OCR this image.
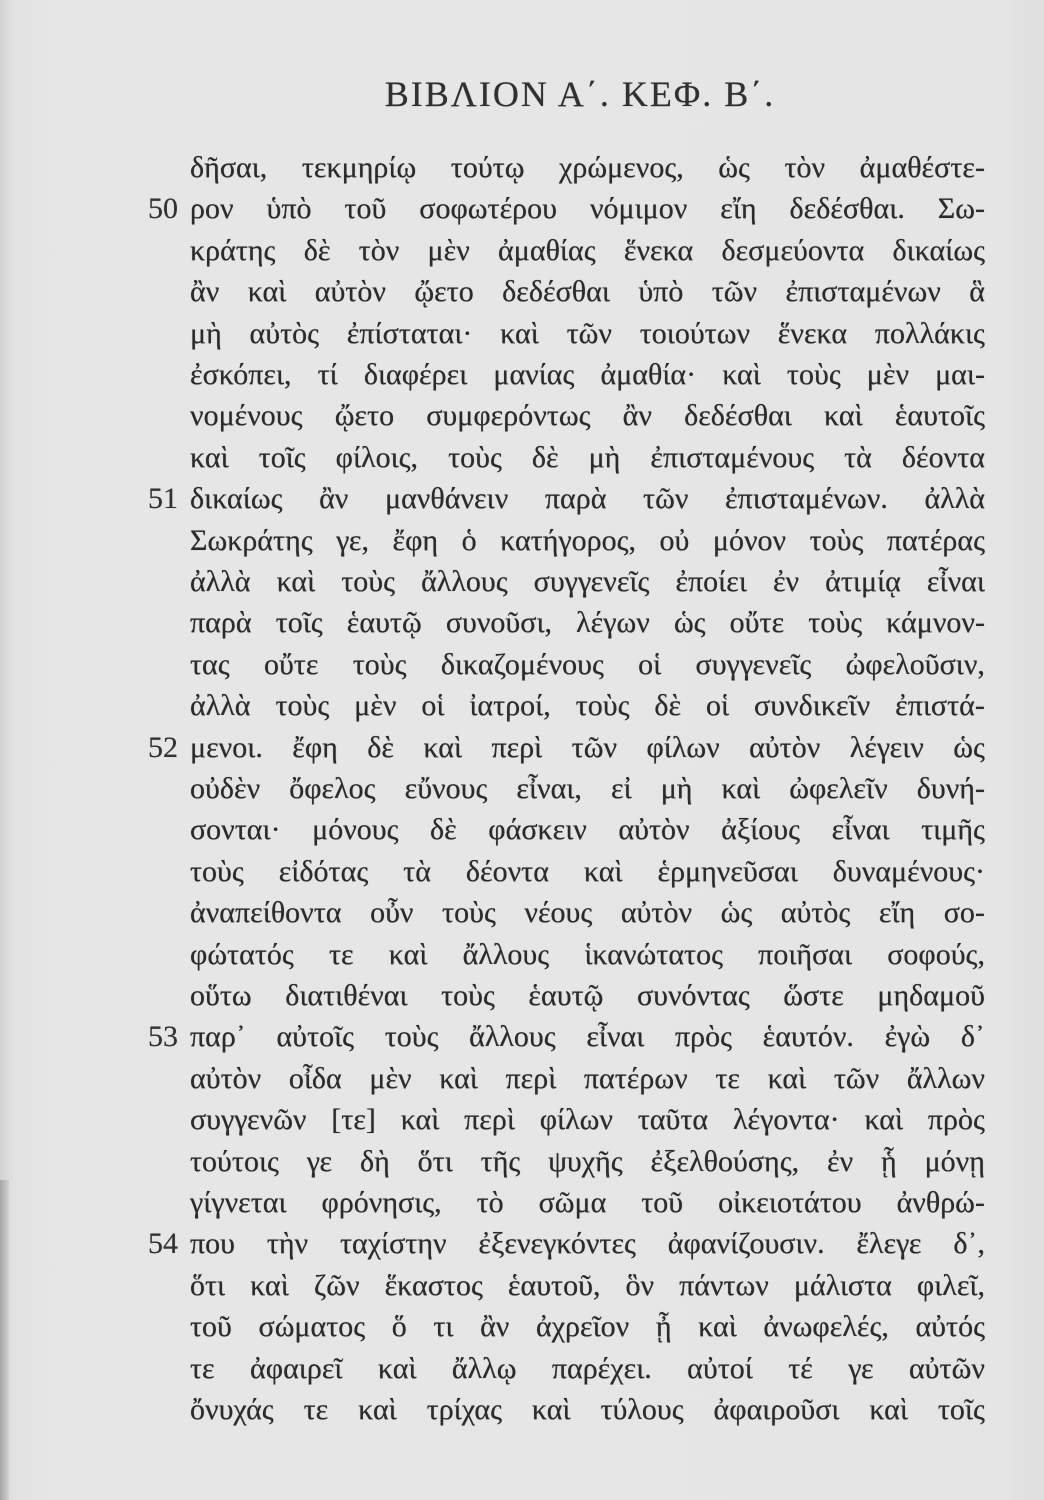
ΒΙΒΛΙΟΝ Α΄. ΚΕΦ. Β΄.
δῆσαι, τεκμηρίῳ τούτῳ χρώμενος, ὡς τὸν ἀμαθέστε-
50 ρον ὑπὸ τοῦ σοφωτέρου νόμιμον εἴη δεδέσθαι. Σω-
κράτης δὲ τὸν μὲν ἀμαθίας ἕνεκα δεσμεύοντα δικαίως
ἂν καὶ αὐτὸν ᾤετο δεδέσθαι ὑπὸ τῶν ἐπισταμένων ἃ
μὴ αὐτὸς ἐπίσταται· καὶ τῶν τοιούτων ἕνεκα πολλάκις
ἐσκόπει, τί διαφέρει μανίας ἀμαθία· καὶ τοὺς μὲν μαι-
νομένους ᾤετο συμφερόντως ἂν δεδέσθαι καὶ ἑαυτοῖς
καὶ τοῖς φίλοις, τοὺς δὲ μὴ ἐπισταμένους τὰ δέοντα
51 δικαίως ἂν μανθάνειν παρὰ τῶν ἐπισταμένων. ἀλλὰ
Σωκράτης γε, ἔφη ὁ κατήγορος, οὐ μόνον τοὺς πατέρας
ἀλλὰ καὶ τοὺς ἄλλους συγγενεῖς ἐποίει ἐν ἀτιμίᾳ εἶναι
παρὰ τοῖς ἑαυτῷ συνοῦσι, λέγων ὡς οὔτε τοὺς κάμνον-
τας οὔτε τοὺς δικαζομένους οἱ συγγενεῖς ὠφελοῦσιν,
ἀλλὰ τοὺς μὲν οἱ ἰατροί, τοὺς δὲ οἱ συνδικεῖν ἐπιστά-
52 μενοι. ἔφη δὲ καὶ περὶ τῶν φίλων αὐτὸν λέγειν ὡς
οὐδὲν ὄφελος εὔνους εἶναι, εἰ μὴ καὶ ὠφελεῖν δυνή-
σονται· μόνους δὲ φάσκειν αὐτὸν ἀξίους εἶναι τιμῆς
τοὺς εἰδότας τὰ δέοντα καὶ ἑρμηνεῦσαι δυναμένους·
ἀναπείθοντα οὖν τοὺς νέους αὐτὸν ὡς αὐτὸς εἴη σο-
φώτατός τε καὶ ἄλλους ἱκανώτατος ποιῆσαι σοφούς,
οὕτω διατιθέναι τοὺς ἑαυτῷ συνόντας ὥστε μηδαμοῦ
53 παρ᾽ αὐτοῖς τοὺς ἄλλους εἶναι πρὸς ἑαυτόν. ἐγὼ δ᾽
αὐτὸν οἶδα μὲν καὶ περὶ πατέρων τε καὶ τῶν ἄλλων
συγγενῶν [τε] καὶ περὶ φίλων ταῦτα λέγοντα· καὶ πρὸς
τούτοις γε δὴ ὅτι τῆς ψυχῆς ἐξελθούσης, ἐν ᾗ μόνῃ
γίγνεται φρόνησις, τὸ σῶμα τοῦ οἰκειοτάτου ἀνθρώ-
54 που τὴν ταχίστην ἐξενεγκόντες ἀφανίζουσιν. ἔλεγε δ᾽,
ὅτι καὶ ζῶν ἕκαστος ἑαυτοῦ, ὃν πάντων μάλιστα φιλεῖ,
τοῦ σώματος ὅ τι ἂν ἀχρεῖον ᾖ καὶ ἀνωφελές, αὐτός
τε ἀφαιρεῖ καὶ ἄλλῳ παρέχει. αὐτοί τέ γε αὐτῶν
ὄνυχάς τε καὶ τρίχας καὶ τύλους ἀφαιροῦσι καὶ τοῖς
